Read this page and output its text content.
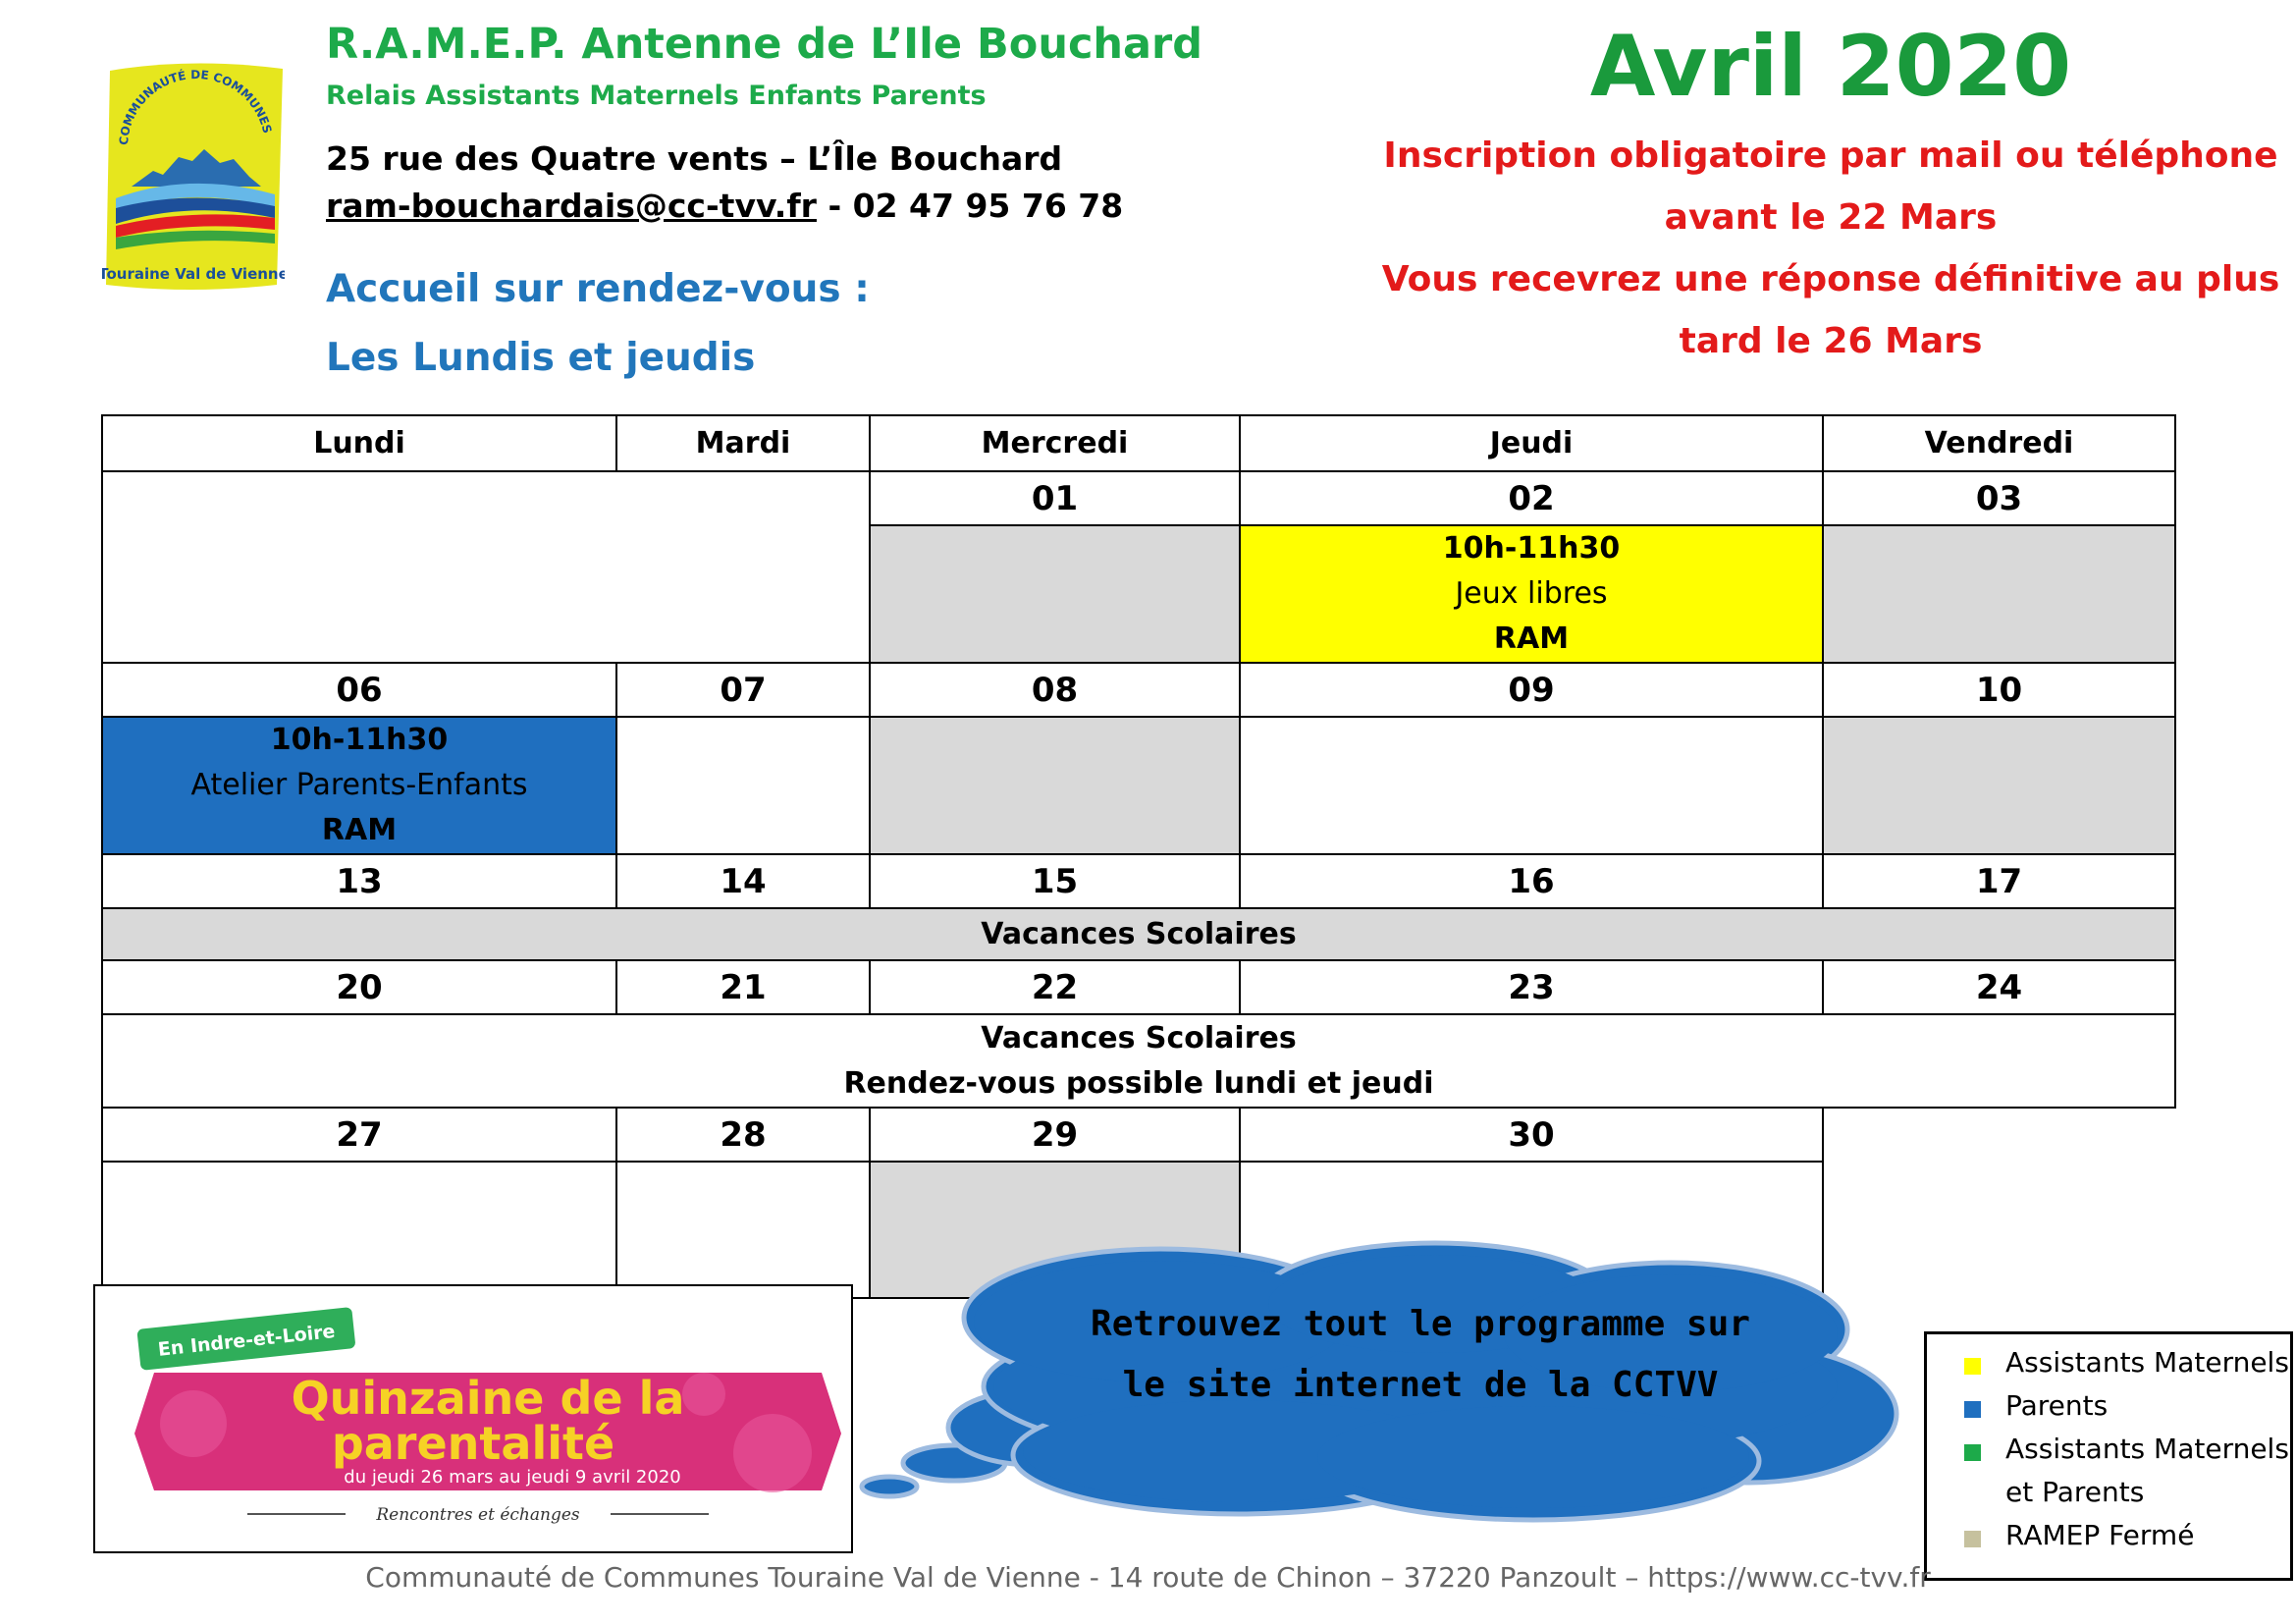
COMMUNAUTÉ DE COMMUNES
Touraine Val de Vienne
R.A.M.E.P. Antenne de L’Ile Bouchard
Relais Assistants Maternels Enfants Parents
25 rue des Quatre vents – L’Île Bouchard
ram-bouchardais@cc-tvv.fr - 02 47 95 76 78
Accueil sur rendez-vous :
Les Lundis et jeudis
Avril 2020
Inscription obligatoire par mail ou téléphone
avant le 22 Mars
Vous recevrez une réponse définitive au plus
tard le 26 Mars
Lundi	Mardi	Mercredi	Jeudi	Vendredi
		01	02	03

			10h-11h30
Jeux libres
RAM	

06	07	08	09	10

10h-11h30
Atelier Parents-Enfants
RAM				

13	14	15	16	17

Vacances Scolaires				

20	21	22	23	24

Vacances Scolaires
Rendez-vous possible lundi et jeudi				

27	28	29	30	

En Indre-et-Loire
Quinzaine de la
parentalité
du jeudi 26 mars au jeudi 9 avril 2020
Rencontres et échanges
Retrouvez tout le programme sur
le site internet de la CCTVV
Assistants Maternels
Parents
Assistants Maternels
et Parents
RAMEP Fermé
Communauté de Communes Touraine Val de Vienne - 14 route de Chinon – 37220 Panzoult – https://www.cc-tvv.fr
